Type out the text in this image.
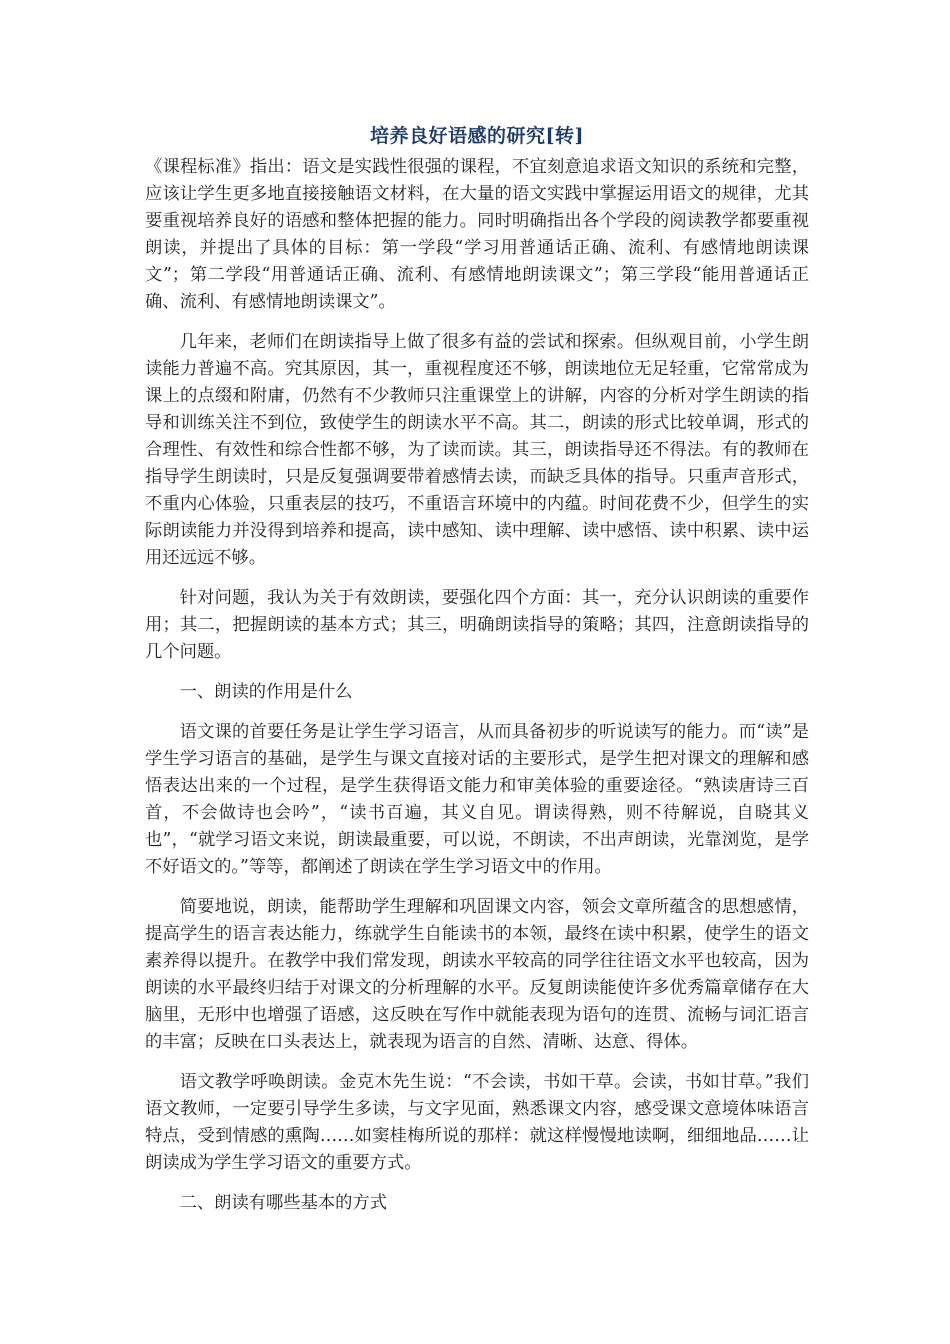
培养良好语感的研究[转]

《课程标准》指出：语文是实践性很强的课程，不宜刻意追求语文知识的系统和完整，应该让学生更多地直接接触语文材料，在大量的语文实践中掌握运用语文的规律，尤其要重视培养良好的语感和整体把握的能力。同时明确指出各个学段的阅读教学都要重视朗读，并提出了具体的目标：第一学段“学习用普通话正确、流利、有感情地朗读课文”；第二学段“用普通话正确、流利、有感情地朗读课文”；第三学段“能用普通话正确、流利、有感情地朗读课文”。

几年来，老师们在朗读指导上做了很多有益的尝试和探索。但纵观目前，小学生朗读能力普遍不高。究其原因，其一，重视程度还不够，朗读地位无足轻重，它常常成为课上的点缀和附庸，仍然有不少教师只注重课堂上的讲解，内容的分析对学生朗读的指导和训练关注不到位，致使学生的朗读水平不高。其二，朗读的形式比较单调，形式的合理性、有效性和综合性都不够，为了读而读。其三，朗读指导还不得法。有的教师在指导学生朗读时，只是反复强调要带着感情去读，而缺乏具体的指导。只重声音形式，不重内心体验，只重表层的技巧，不重语言环境中的内蕴。时间花费不少，但学生的实际朗读能力并没得到培养和提高，读中感知、读中理解、读中感悟、读中积累、读中运用还远远不够。

针对问题，我认为关于有效朗读，要强化四个方面：其一，充分认识朗读的重要作用；其二，把握朗读的基本方式；其三，明确朗读指导的策略；其四，注意朗读指导的几个问题。

一、朗读的作用是什么

语文课的首要任务是让学生学习语言，从而具备初步的听说读写的能力。而“读”是学生学习语言的基础，是学生与课文直接对话的主要形式，是学生把对课文的理解和感悟表达出来的一个过程，是学生获得语文能力和审美体验的重要途径。“熟读唐诗三百首，不会做诗也会吟”，“读书百遍，其义自见。谓读得熟，则不待解说，自晓其义也”，“就学习语文来说，朗读最重要，可以说，不朗读，不出声朗读，光靠浏览，是学不好语文的。”等等，都阐述了朗读在学生学习语文中的作用。

简要地说，朗读，能帮助学生理解和巩固课文内容，领会文章所蕴含的思想感情，提高学生的语言表达能力，练就学生自能读书的本领，最终在读中积累，使学生的语文素养得以提升。在教学中我们常发现，朗读水平较高的同学往往语文水平也较高，因为朗读的水平最终归结于对课文的分析理解的水平。反复朗读能使许多优秀篇章储存在大脑里，无形中也增强了语感，这反映在写作中就能表现为语句的连贯、流畅与词汇语言的丰富；反映在口头表达上，就表现为语言的自然、清晰、达意、得体。

语文教学呼唤朗读。金克木先生说：“不会读，书如干草。会读，书如甘草。”我们语文教师，一定要引导学生多读，与文字见面，熟悉课文内容，感受课文意境体味语言特点，受到情感的熏陶……如窦桂梅所说的那样：就这样慢慢地读啊，细细地品……让朗读成为学生学习语文的重要方式。

二、朗读有哪些基本的方式
